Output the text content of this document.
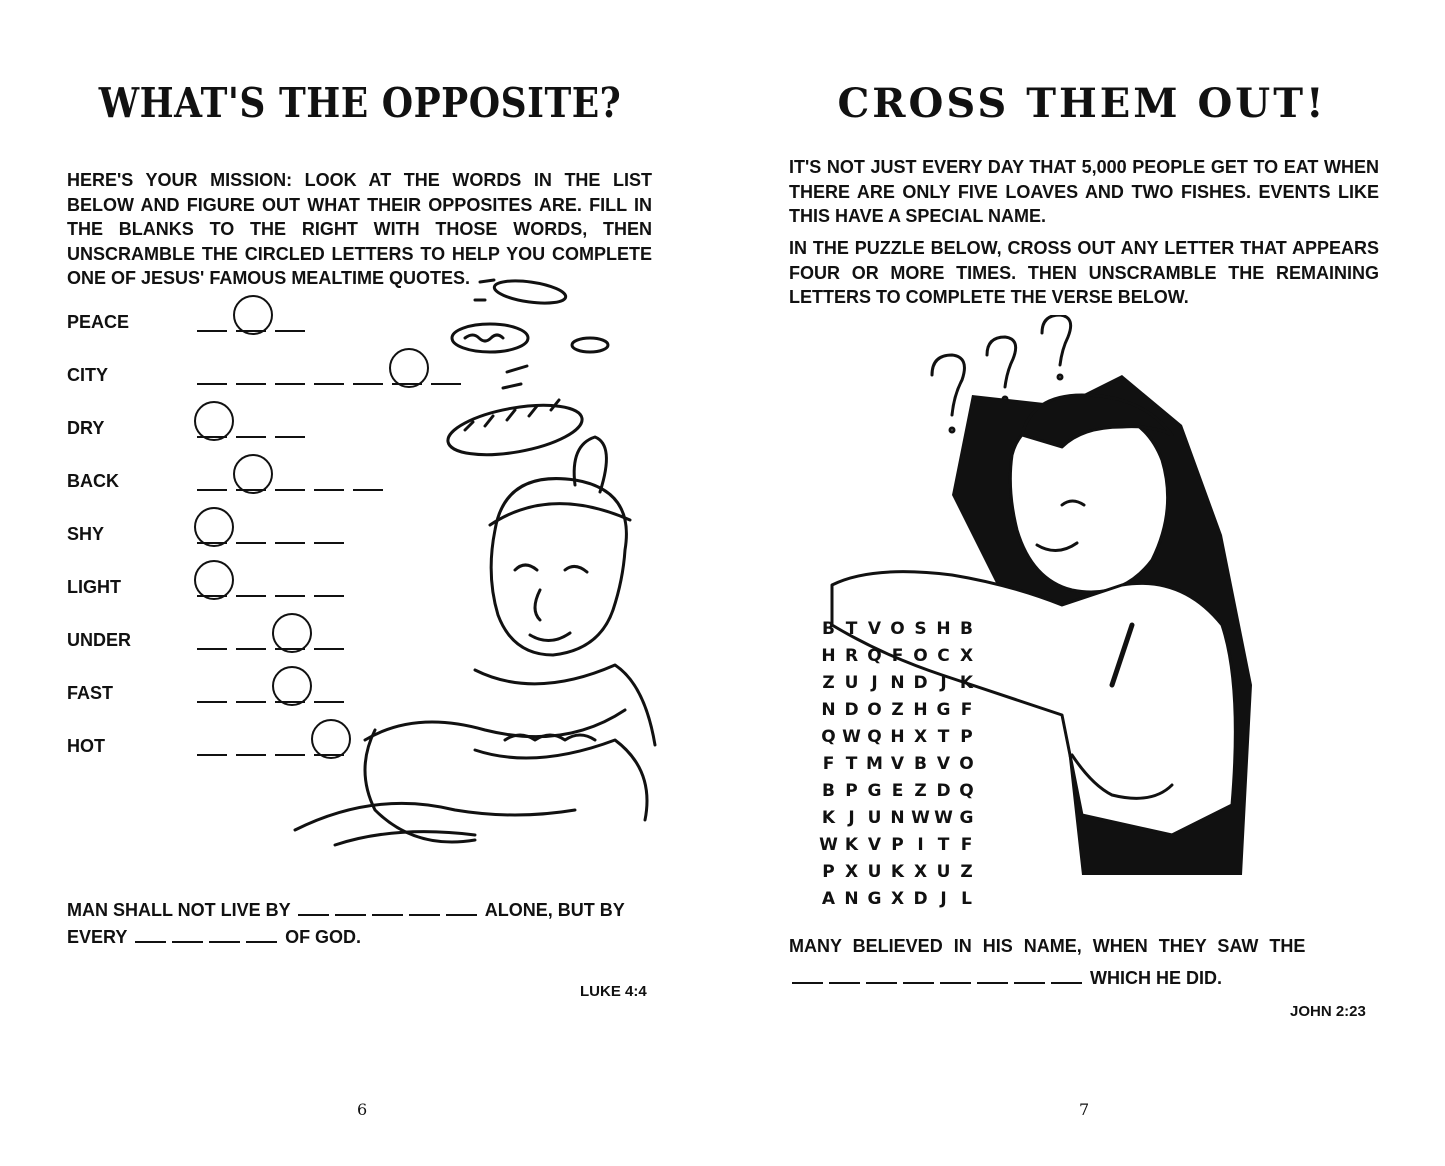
WHAT'S THE OPPOSITE?
HERE'S YOUR MISSION: LOOK AT THE WORDS IN THE LIST BELOW AND FIGURE OUT WHAT THEIR OPPOSITES ARE. FILL IN THE BLANKS TO THE RIGHT WITH THOSE WORDS, THEN UNSCRAMBLE THE CIRCLED LETTERS TO HELP YOU COMPLETE ONE OF JESUS' FAMOUS MEALTIME QUOTES.
PEACE
CITY
DRY
BACK
SHY
LIGHT
UNDER
FAST
HOT
MAN SHALL NOT LIVE BY	ALONE, BUT BY
EVERY	OF GOD.
LUKE 4:4
6
CROSS THEM OUT!
IT'S NOT JUST EVERY DAY THAT 5,000 PEOPLE GET TO EAT WHEN THERE ARE ONLY FIVE LOAVES AND TWO FISHES. EVENTS LIKE THIS HAVE A SPECIAL NAME.
IN THE PUZZLE BELOW, CROSS OUT ANY LETTER THAT APPEARS FOUR OR MORE TIMES. THEN UNSCRAMBLE THE REMAINING LETTERS TO COMPLETE THE VERSE BELOW.
B T V O S H B
H R Q F O C X
Z U J N D J K
N D O Z H G F
Q W Q H X T P
F T M V B V O
B P G E Z D Q
K J U N W W G
W K V P I T F
P X U K X U Z
A N G X D J L
MANY BELIEVED IN HIS NAME, WHEN THEY SAW THE
WHICH HE DID.
JOHN 2:23
7
